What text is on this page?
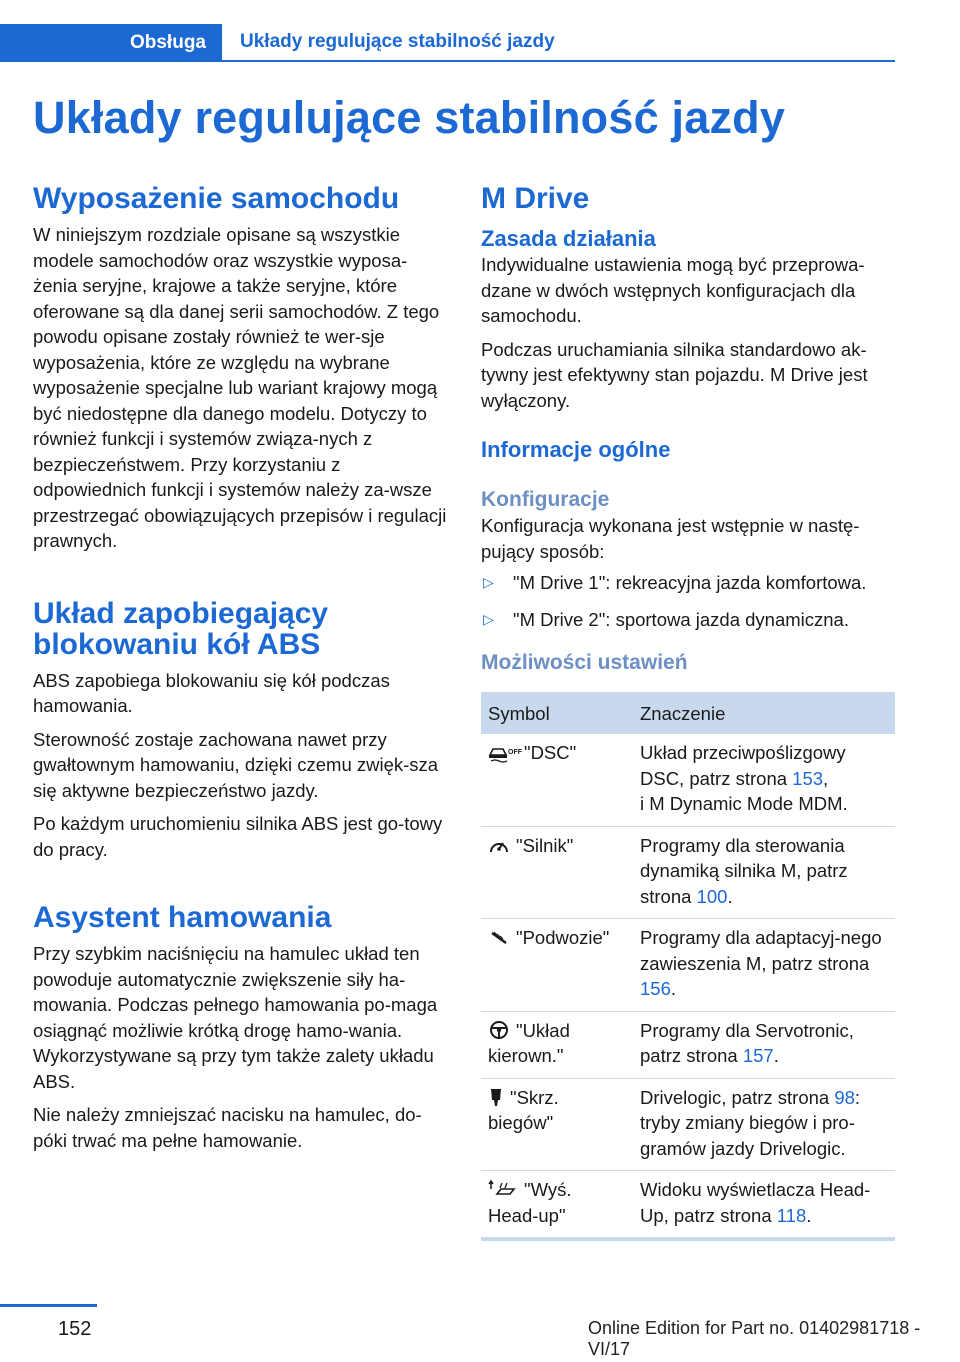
Obsługa	Układy regulujące stabilność jazdy
Układy regulujące stabilność jazdy
Wyposażenie samochodu

W niniejszym rozdziale opisane są wszystkie modele samochodów oraz wszystkie wyposa-żenia seryjne, krajowe a także seryjne, które oferowane są dla danej serii samochodów. Z tego powodu opisane zostały również te wer-sje wyposażenia, które ze względu na wybrane wyposażenie specjalne lub wariant krajowy mogą być niedostępne dla danego modelu. Dotyczy to również funkcji i systemów związa-nych z bezpieczeństwem. Przy korzystaniu z odpowiednich funkcji i systemów należy za-wsze przestrzegać obowiązujących przepisów i regulacji prawnych.

Układ zapobiegający blokowaniu kół ABS

ABS zapobiega blokowaniu się kół podczas hamowania.

Sterowność zostaje zachowana nawet przy gwałtownym hamowaniu, dzięki czemu zwięk-sza się aktywne bezpieczeństwo jazdy.

Po każdym uruchomieniu silnika ABS jest go-towy do pracy.

Asystent hamowania

Przy szybkim naciśnięciu na hamulec układ ten powoduje automatycznie zwiększenie siły ha-mowania. Podczas pełnego hamowania po-maga osiągnąć możliwie krótką drogę hamo-wania. Wykorzystywane są przy tym także zalety układu ABS.

Nie należy zmniejszać nacisku na hamulec, do-póki trwać ma pełne hamowanie.

M Drive
Zasada działania

Indywidualne ustawienia mogą być przeprowa-dzane w dwóch wstępnych konfiguracjach dla samochodu.

Podczas uruchamiania silnika standardowo ak-tywny jest efektywny stan pojazdu. M Drive jest wyłączony.

Informacje ogólne
Konfiguracje

Konfiguracja wykonana jest wstępnie w nastę-pujący sposób:

▷ "M Drive 1": rekreacyjna jazda komfortowa.
▷ "M Drive 2": sportowa jazda dynamiczna.
Możliwości ustawień
Symbol	Znaczenie

OFF "DSC"	Układ przeciwpoślizgowy DSC, patrz strona 153,
i M Dynamic Mode MDM.
"Silnik"	Programy dla sterowania dynamiką silnika M, patrz strona 100.
"Podwozie"	Programy dla adaptacyj-nego zawieszenia M, patrz strona 156.
"Układ kierown."	Programy dla Servotronic, patrz strona 157.
"Skrz. biegów"	Drivelogic, patrz strona 98: tryby zmiany biegów i pro-gramów jazdy Drivelogic.
"Wyś. Head-up"	Widoku wyświetlacza Head-Up, patrz strona 118.
152	Online Edition for Part no. 01402981718 - VI/17
